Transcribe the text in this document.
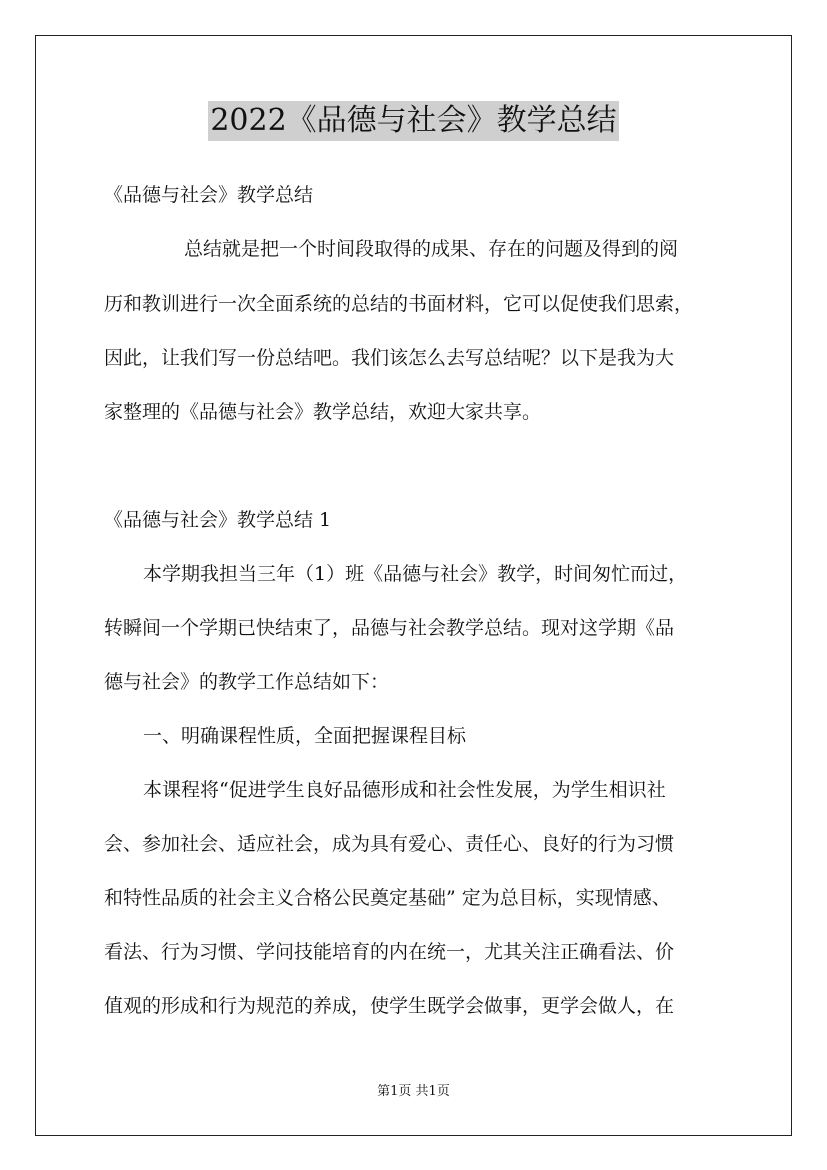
2022《品德与社会》教学总结
《品德与社会》教学总结
总结就是把一个时间段取得的成果、存在的问题及得到的阅
历和教训进行一次全面系统的总结的书面材料，它可以促使我们思索，
因此，让我们写一份总结吧。我们该怎么去写总结呢？以下是我为大
家整理的《品德与社会》教学总结，欢迎大家共享。
《品德与社会》教学总结 1
本学期我担当三年（1）班《品德与社会》教学，时间匆忙而过，
转瞬间一个学期已快结束了，品德与社会教学总结。现对这学期《品
德与社会》的教学工作总结如下：
一、明确课程性质，全面把握课程目标
本课程将“促进学生良好品德形成和社会性发展，为学生相识社
会、参加社会、适应社会，成为具有爱心、责任心、良好的行为习惯
和特性品质的社会主义合格公民奠定基础” 定为总目标，实现情感、
看法、行为习惯、学问技能培育的内在统一，尤其关注正确看法、价
值观的形成和行为规范的养成，使学生既学会做事，更学会做人，在
第1页 共1页
